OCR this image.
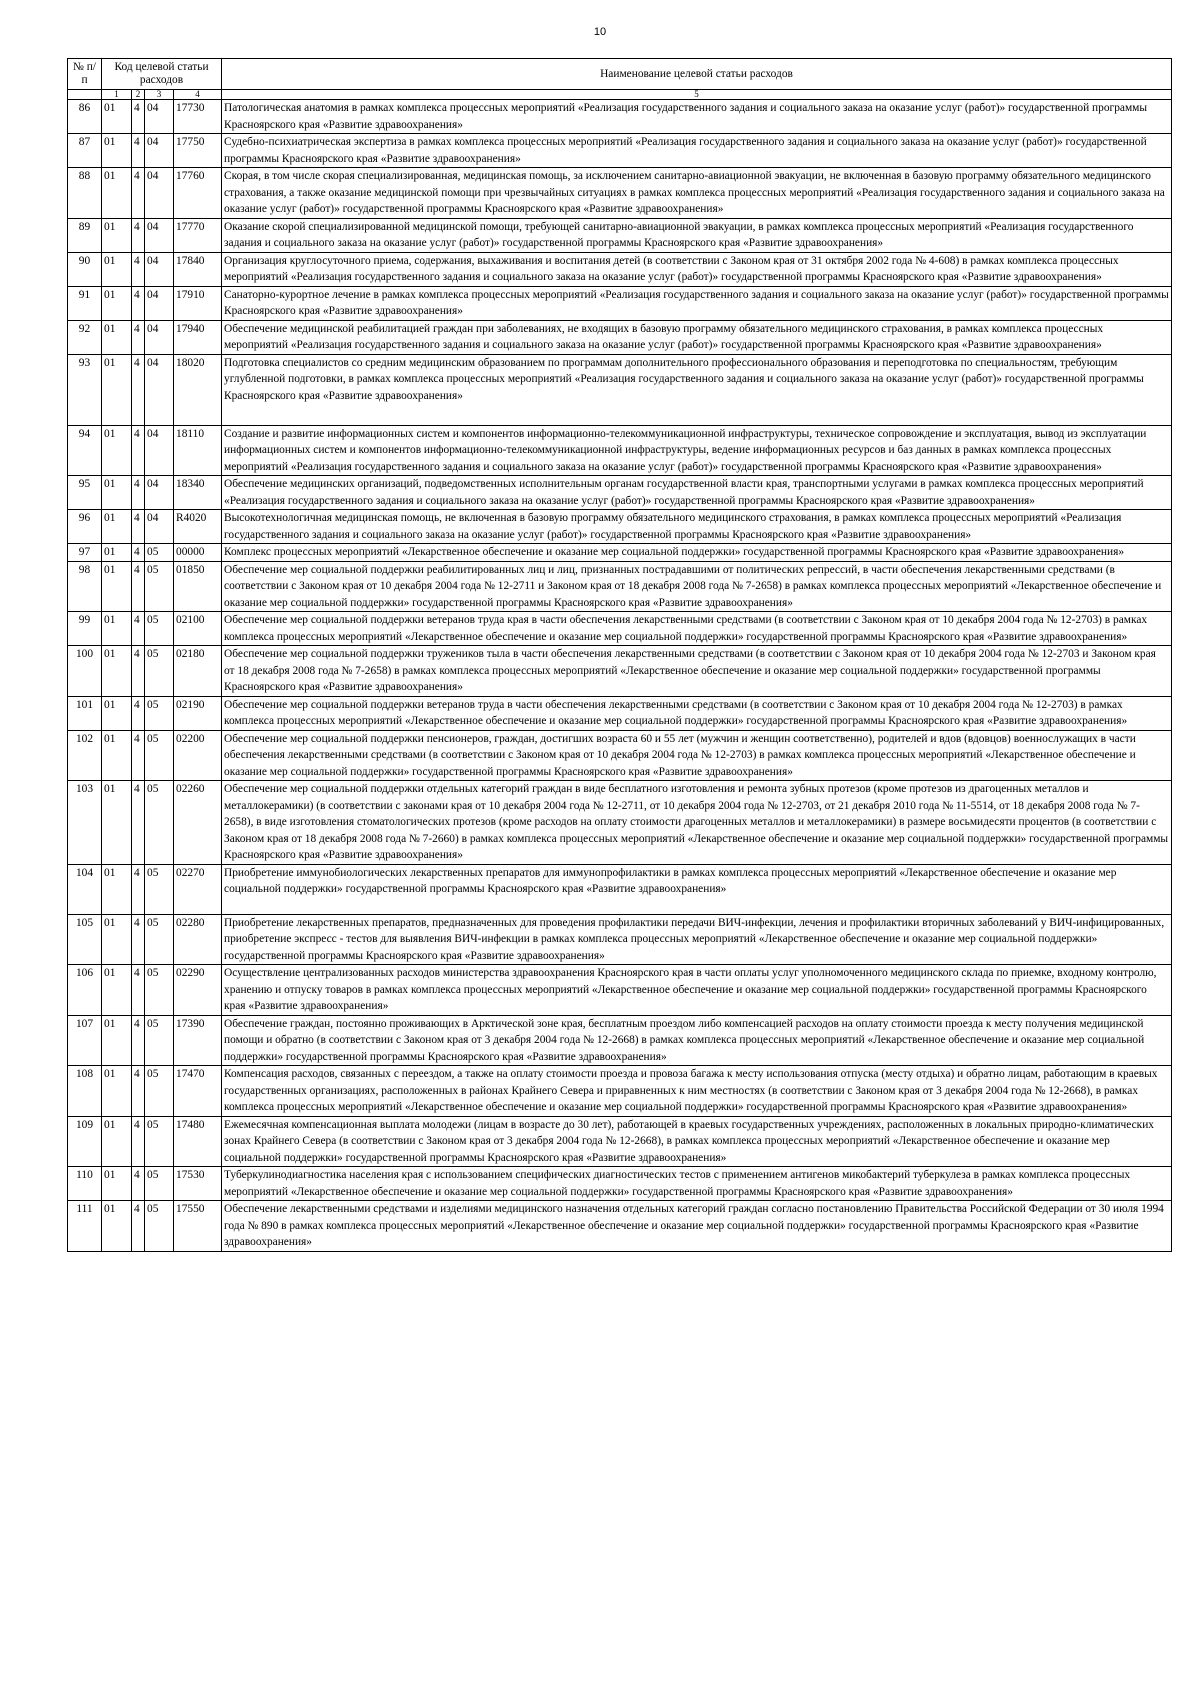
10
№ п/п	Код целевой статьи расходов				Наименование целевой статьи расходов
	1	2	3	4	5
86	01	4	04	17730	Патологическая анатомия в рамках комплекса процессных мероприятий «Реализация государственного задания и социального заказа на оказание услуг (работ)» государственной программы Красноярского края «Развитие здравоохранения»
87	01	4	04	17750	Судебно-психиатрическая экспертиза в рамках комплекса процессных мероприятий «Реализация государственного задания и социального заказа на оказание услуг (работ)» государственной программы Красноярского края «Развитие здравоохранения»
88	01	4	04	17760	Скорая, в том числе скорая специализированная, медицинская помощь, за исключением санитарно-авиационной эвакуации, не включенная в базовую программу обязательного медицинского страхования, а также оказание медицинской помощи при чрезвычайных ситуациях в рамках комплекса процессных мероприятий «Реализация государственного задания и социального заказа на оказание услуг (работ)» государственной программы Красноярского края «Развитие здравоохранения»
89	01	4	04	17770	Оказание скорой специализированной медицинской помощи, требующей санитарно-авиационной эвакуации, в рамках комплекса процессных мероприятий «Реализация государственного задания и социального заказа на оказание услуг (работ)» государственной программы Красноярского края «Развитие здравоохранения»
90	01	4	04	17840	Организация круглосуточного приема, содержания, выхаживания и воспитания детей (в соответствии с Законом края от 31 октября 2002 года № 4-608) в рамках комплекса процессных мероприятий «Реализация государственного задания и социального заказа на оказание услуг (работ)» государственной программы Красноярского края «Развитие здравоохранения»
91	01	4	04	17910	Санаторно-курортное лечение в рамках комплекса процессных мероприятий «Реализация государственного задания и социального заказа на оказание услуг (работ)» государственной программы Красноярского края «Развитие здравоохранения»
92	01	4	04	17940	Обеспечение медицинской реабилитацией граждан при заболеваниях, не входящих в базовую программу обязательного медицинского страхования, в рамках комплекса процессных мероприятий «Реализация государственного задания и социального заказа на оказание услуг (работ)» государственной программы Красноярского края «Развитие здравоохранения»
93	01	4	04	18020	Подготовка специалистов со средним медицинским образованием по программам дополнительного профессионального образования и переподготовка по специальностям, требующим углубленной подготовки, в рамках комплекса процессных мероприятий «Реализация государственного задания и социального заказа на оказание услуг (работ)» государственной программы Красноярского края «Развитие здравоохранения»
94	01	4	04	18110	Создание и развитие информационных систем и компонентов информационно-телекоммуникационной инфраструктуры, техническое сопровождение и эксплуатация, вывод из эксплуатации информационных систем и компонентов информационно-телекоммуникационной инфраструктуры, ведение информационных ресурсов и баз данных в рамках комплекса процессных мероприятий «Реализация государственного задания и социального заказа на оказание услуг (работ)» государственной программы Красноярского края «Развитие здравоохранения»
95	01	4	04	18340	Обеспечение медицинских организаций, подведомственных исполнительным органам государственной власти края, транспортными услугами в рамках комплекса процессных мероприятий «Реализация государственного задания и социального заказа на оказание услуг (работ)» государственной программы Красноярского края «Развитие здравоохранения»
96	01	4	04	R4020	Высокотехнологичная медицинская помощь, не включенная в базовую программу обязательного медицинского страхования, в рамках комплекса процессных мероприятий «Реализация государственного задания и социального заказа на оказание услуг (работ)» государственной программы Красноярского края «Развитие здравоохранения»
97	01	4	05	00000	Комплекс процессных мероприятий «Лекарственное обеспечение и оказание мер социальной поддержки» государственной программы Красноярского края «Развитие здравоохранения»
98	01	4	05	01850	Обеспечение мер социальной поддержки реабилитированных лиц и лиц, признанных пострадавшими от политических репрессий, в части обеспечения лекарственными средствами (в соответствии с Законом края от 10 декабря 2004 года № 12-2711 и Законом края от 18 декабря 2008 года № 7-2658) в рамках комплекса процессных мероприятий «Лекарственное обеспечение и оказание мер социальной поддержки» государственной программы Красноярского края «Развитие здравоохранения»
99	01	4	05	02100	Обеспечение мер социальной поддержки ветеранов труда края в части обеспечения лекарственными средствами (в соответствии с Законом края от 10 декабря 2004 года № 12-2703) в рамках комплекса процессных мероприятий «Лекарственное обеспечение и оказание мер социальной поддержки» государственной программы Красноярского края «Развитие здравоохранения»
100	01	4	05	02180	Обеспечение мер социальной поддержки тружеников тыла в части обеспечения лекарственными средствами (в соответствии с Законом края от 10 декабря 2004 года № 12-2703 и Законом края от 18 декабря 2008 года № 7-2658) в рамках комплекса процессных мероприятий «Лекарственное обеспечение и оказание мер социальной поддержки» государственной программы Красноярского края «Развитие здравоохранения»
101	01	4	05	02190	Обеспечение мер социальной поддержки ветеранов труда в части обеспечения лекарственными средствами (в соответствии с Законом края от 10 декабря 2004 года № 12-2703) в рамках комплекса процессных мероприятий «Лекарственное обеспечение и оказание мер социальной поддержки» государственной программы Красноярского края «Развитие здравоохранения»
102	01	4	05	02200	Обеспечение мер социальной поддержки пенсионеров, граждан, достигших возраста 60 и 55 лет (мужчин и женщин соответственно), родителей и вдов (вдовцов) военнослужащих в части обеспечения лекарственными средствами (в соответствии с Законом края от 10 декабря 2004 года № 12-2703) в рамках комплекса процессных мероприятий «Лекарственное обеспечение и оказание мер социальной поддержки» государственной программы Красноярского края «Развитие здравоохранения»
103	01	4	05	02260	Обеспечение мер социальной поддержки отдельных категорий граждан в виде бесплатного изготовления и ремонта зубных протезов (кроме протезов из драгоценных металлов и металлокерамики) (в соответствии с законами края от 10 декабря 2004 года № 12-2711, от 10 декабря 2004 года № 12-2703, от 21 декабря 2010 года № 11-5514, от 18 декабря 2008 года № 7-2658), в виде изготовления стоматологических протезов (кроме расходов на оплату стоимости драгоценных металлов и металлокерамики) в размере восьмидесяти процентов (в соответствии с Законом края от 18 декабря 2008 года № 7-2660) в рамках комплекса процессных мероприятий «Лекарственное обеспечение и оказание мер социальной поддержки» государственной программы Красноярского края «Развитие здравоохранения»
104	01	4	05	02270	Приобретение иммунобиологических лекарственных препаратов для иммунопрофилактики в рамках комплекса процессных мероприятий «Лекарственное обеспечение и оказание мер социальной поддержки» государственной программы Красноярского края «Развитие здравоохранения»
105	01	4	05	02280	Приобретение лекарственных препаратов, предназначенных для проведения профилактики передачи ВИЧ-инфекции, лечения и профилактики вторичных заболеваний у ВИЧ-инфицированных, приобретение экспресс - тестов для выявления ВИЧ-инфекции в рамках комплекса процессных мероприятий «Лекарственное обеспечение и оказание мер социальной поддержки» государственной программы Красноярского края «Развитие здравоохранения»
106	01	4	05	02290	Осуществление централизованных расходов министерства здравоохранения Красноярского края в части оплаты услуг уполномоченного медицинского склада по приемке, входному контролю, хранению и отпуску товаров в рамках комплекса процессных мероприятий «Лекарственное обеспечение и оказание мер социальной поддержки» государственной программы Красноярского края «Развитие здравоохранения»
107	01	4	05	17390	Обеспечение граждан, постоянно проживающих в Арктической зоне края, бесплатным проездом либо компенсацией расходов на оплату стоимости проезда к месту получения медицинской помощи и обратно (в соответствии с Законом края от 3 декабря 2004 года № 12-2668) в рамках комплекса процессных мероприятий «Лекарственное обеспечение и оказание мер социальной поддержки» государственной программы Красноярского края «Развитие здравоохранения»
108	01	4	05	17470	Компенсация расходов, связанных с переездом, а также на оплату стоимости проезда и провоза багажа к месту использования отпуска (месту отдыха) и обратно лицам, работающим в краевых государственных организациях, расположенных в районах Крайнего Севера и приравненных к ним местностях (в соответствии с Законом края от 3 декабря 2004 года № 12-2668), в рамках комплекса процессных мероприятий «Лекарственное обеспечение и оказание мер социальной поддержки» государственной программы Красноярского края «Развитие здравоохранения»
109	01	4	05	17480	Ежемесячная компенсационная выплата молодежи (лицам в возрасте до 30 лет), работающей в краевых государственных учреждениях, расположенных в локальных природно-климатических зонах Крайнего Севера (в соответствии с Законом края от 3 декабря 2004 года № 12-2668), в рамках комплекса процессных мероприятий «Лекарственное обеспечение и оказание мер социальной поддержки» государственной программы Красноярского края «Развитие здравоохранения»
110	01	4	05	17530	Туберкулинодиагностика населения края с использованием специфических диагностических тестов с применением антигенов микобактерий туберкулеза в рамках комплекса процессных мероприятий «Лекарственное обеспечение и оказание мер социальной поддержки» государственной программы Красноярского края «Развитие здравоохранения»
111	01	4	05	17550	Обеспечение лекарственными средствами и изделиями медицинского назначения отдельных категорий граждан согласно постановлению Правительства Российской Федерации от 30 июля 1994 года № 890 в рамках комплекса процессных мероприятий «Лекарственное обеспечение и оказание мер социальной поддержки» государственной программы Красноярского края «Развитие здравоохранения»
